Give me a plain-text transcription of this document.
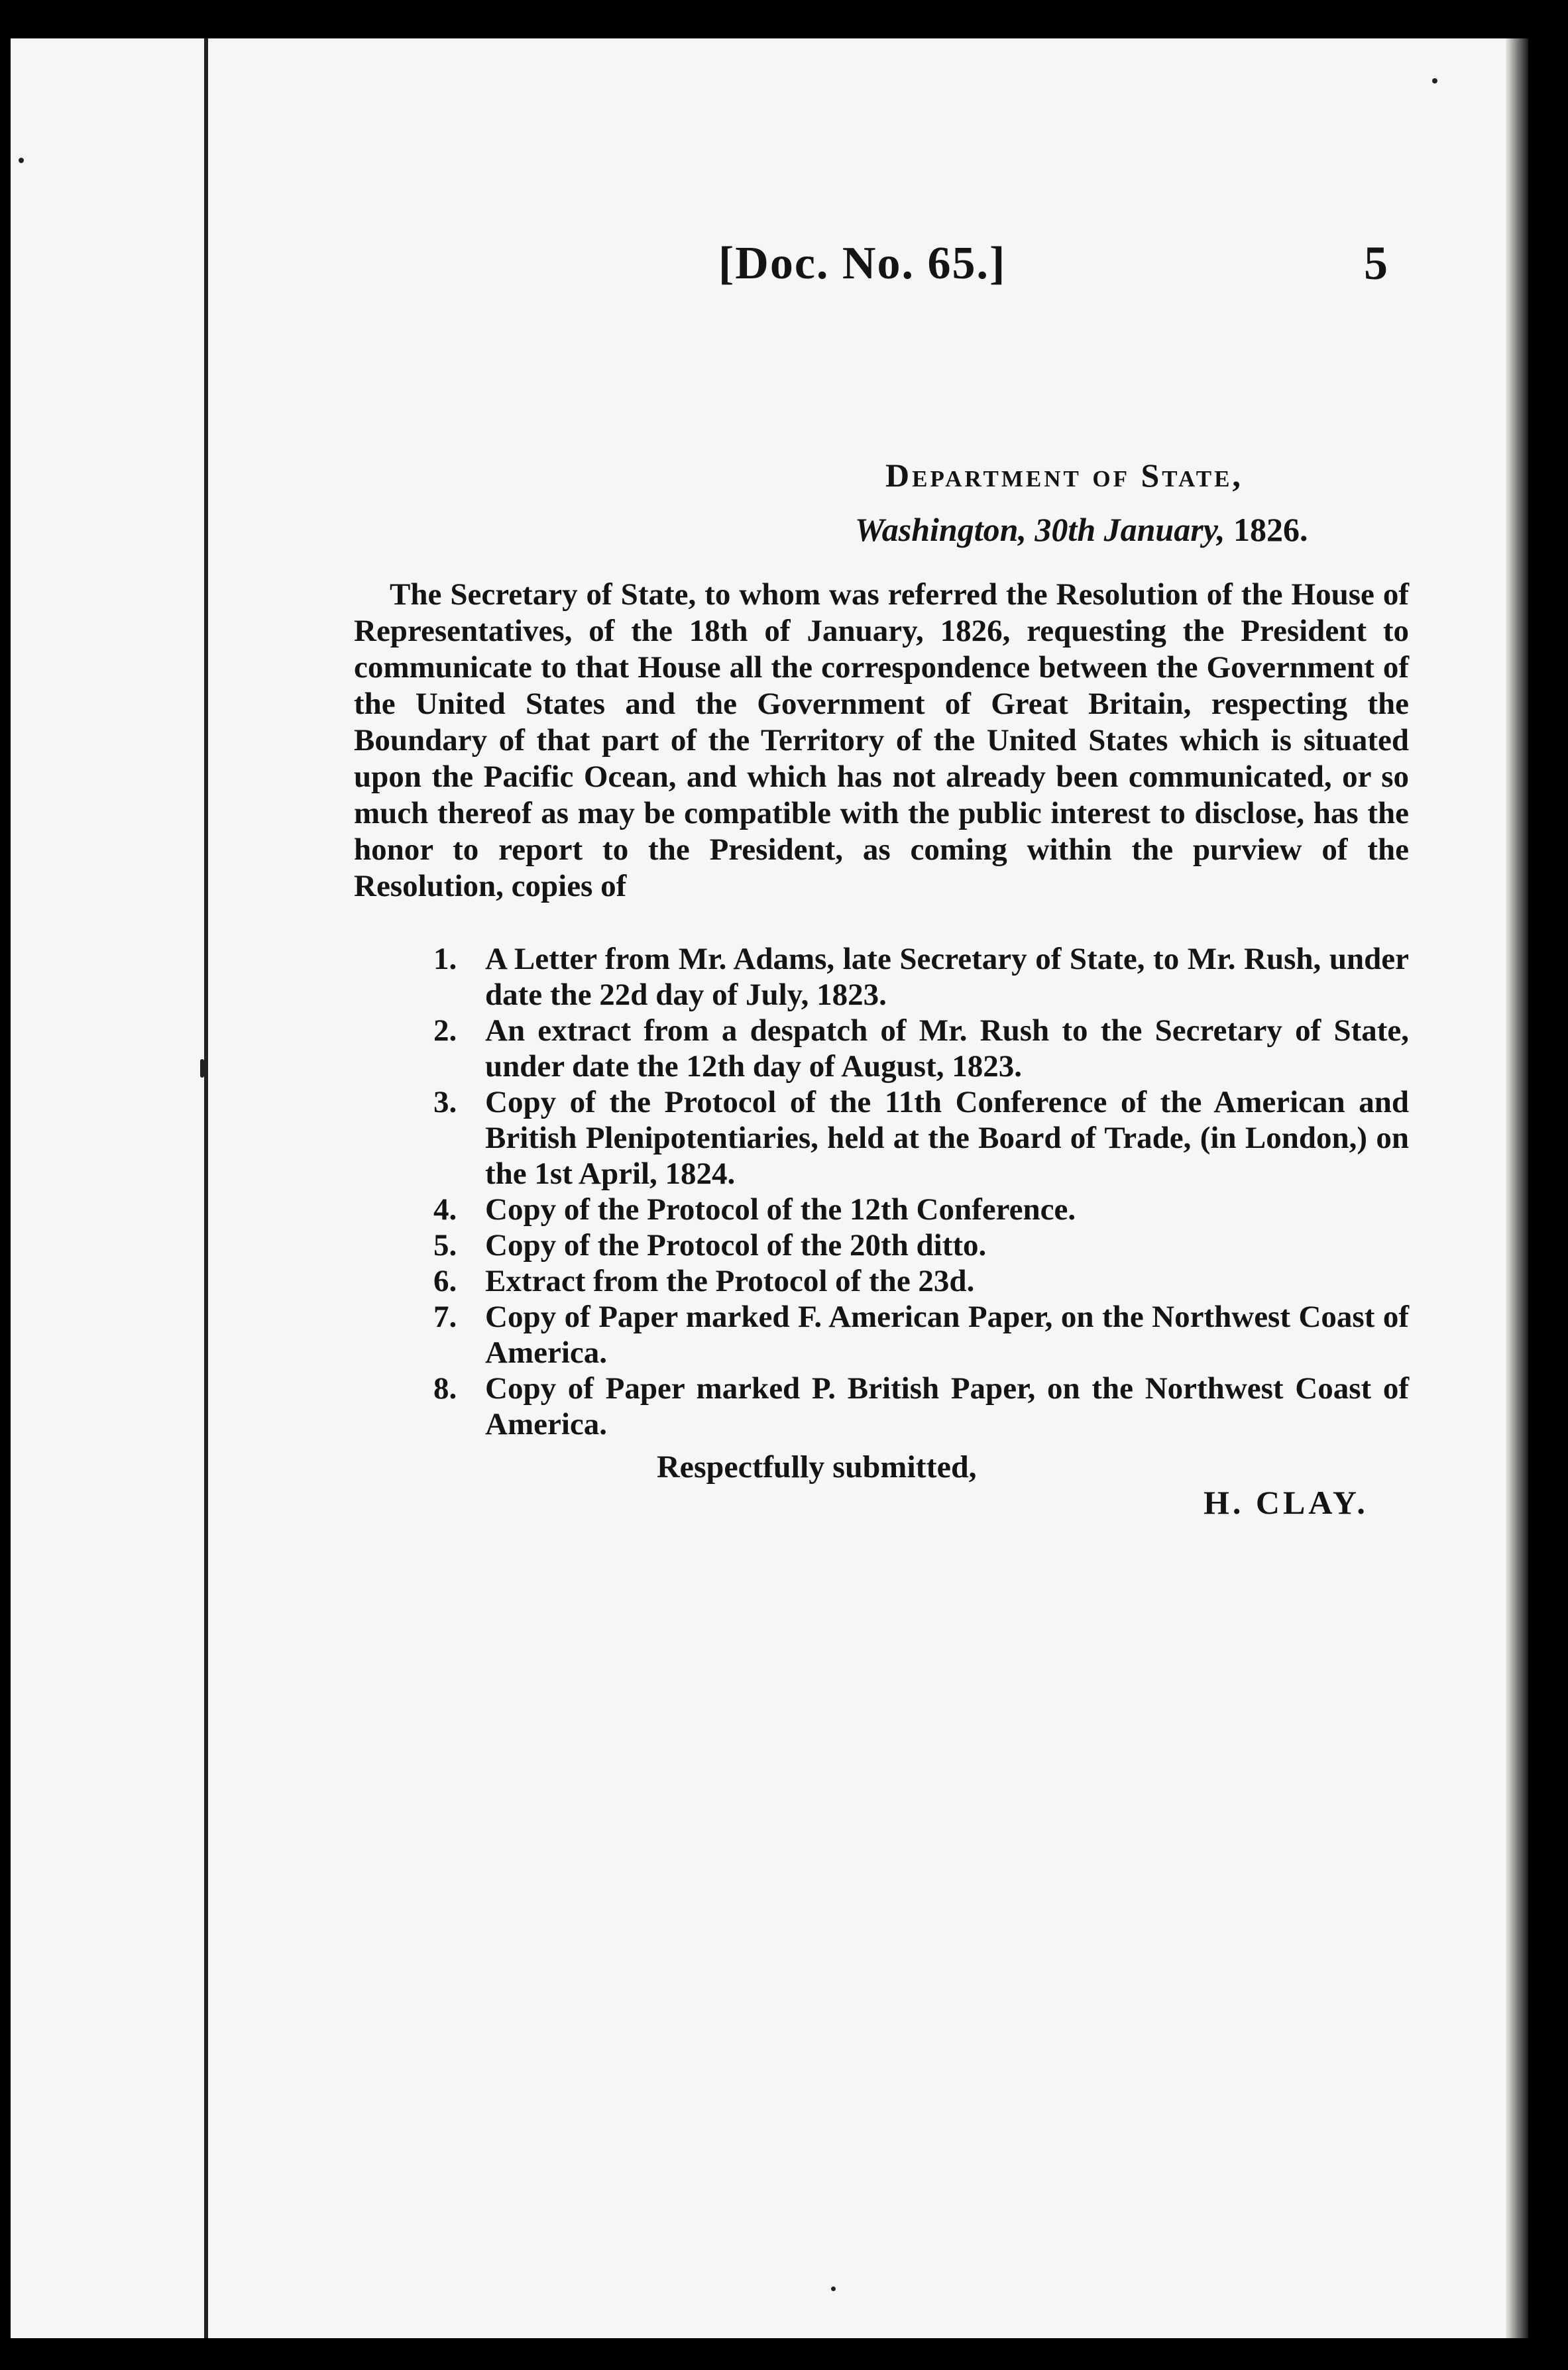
[Doc. No. 65.]	5
Department of State,
Washington, 30th January, 1826.

The Secretary of State, to whom was referred the Resolution of the House of Representatives, of the 18th of January, 1826, requesting the President to communicate to that House all the correspondence between the Government of the United States and the Government of Great Britain, respecting the Boundary of that part of the Territory of the United States which is situated upon the Pacific Ocean, and which has not already been communicated, or so much thereof as may be compatible with the public interest to disclose, has the honor to report to the President, as coming within the purview of the Resolution, copies of

1. A Letter from Mr. Adams, late Secretary of State, to Mr. Rush, under date the 22d day of July, 1823.
2. An extract from a despatch of Mr. Rush to the Secretary of State, under date the 12th day of August, 1823.
3. Copy of the Protocol of the 11th Conference of the American and British Plenipotentiaries, held at the Board of Trade, (in London,) on the 1st April, 1824.
4. Copy of the Protocol of the 12th Conference.
5. Copy of the Protocol of the 20th ditto.
6. Extract from the Protocol of the 23d.
7. Copy of Paper marked F. American Paper, on the Northwest Coast of America.
8. Copy of Paper marked P. British Paper, on the Northwest Coast of America.
Respectfully submitted,
H. CLAY.
